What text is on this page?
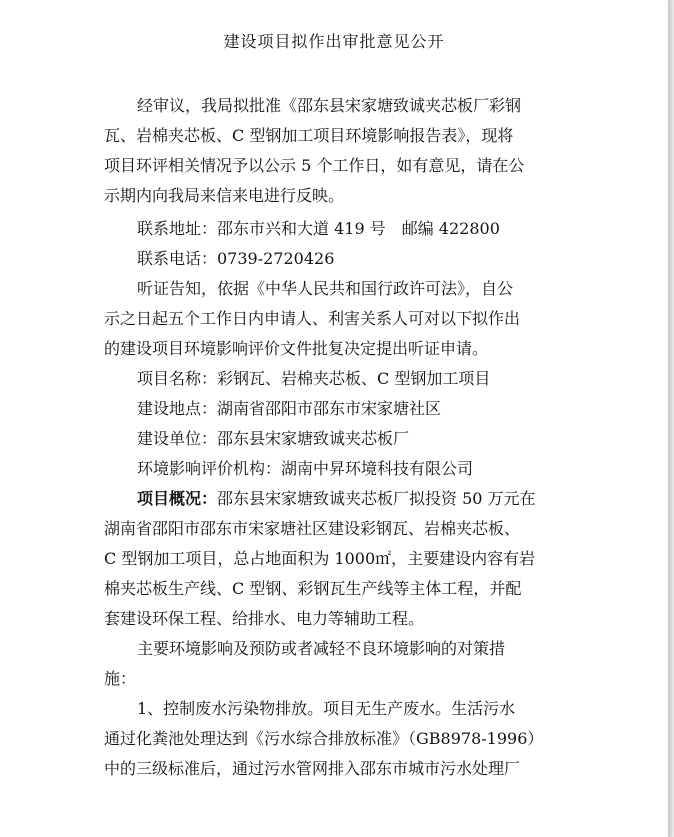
建设项目拟作出审批意见公开
经审议，我局拟批准《邵东县宋家塘致诚夹芯板厂彩钢
瓦、岩棉夹芯板、C 型钢加工项目环境影响报告表》，现将
项目环评相关情况予以公示 5 个工作日，如有意见，请在公
示期内向我局来信来电进行反映。
联系地址：邵东市兴和大道 419 号　邮编 422800
联系电话：0739-2720426
听证告知，依据《中华人民共和国行政许可法》，自公
示之日起五个工作日内申请人、利害关系人可对以下拟作出
的建设项目环境影响评价文件批复决定提出听证申请。
项目名称：彩钢瓦、岩棉夹芯板、C 型钢加工项目
建设地点：湖南省邵阳市邵东市宋家塘社区
建设单位：邵东县宋家塘致诚夹芯板厂
环境影响评价机构：湖南中昇环境科技有限公司
项目概况：邵东县宋家塘致诚夹芯板厂拟投资 50 万元在
湖南省邵阳市邵东市宋家塘社区建设彩钢瓦、岩棉夹芯板、
C 型钢加工项目，总占地面积为 1000㎡，主要建设内容有岩
棉夹芯板生产线、C 型钢、彩钢瓦生产线等主体工程，并配
套建设环保工程、给排水、电力等辅助工程。
主要环境影响及预防或者减轻不良环境影响的对策措
施：
1、控制废水污染物排放。项目无生产废水。生活污水
通过化粪池处理达到《污水综合排放标准》（GB8978-1996）
中的三级标准后，通过污水管网排入邵东市城市污水处理厂
